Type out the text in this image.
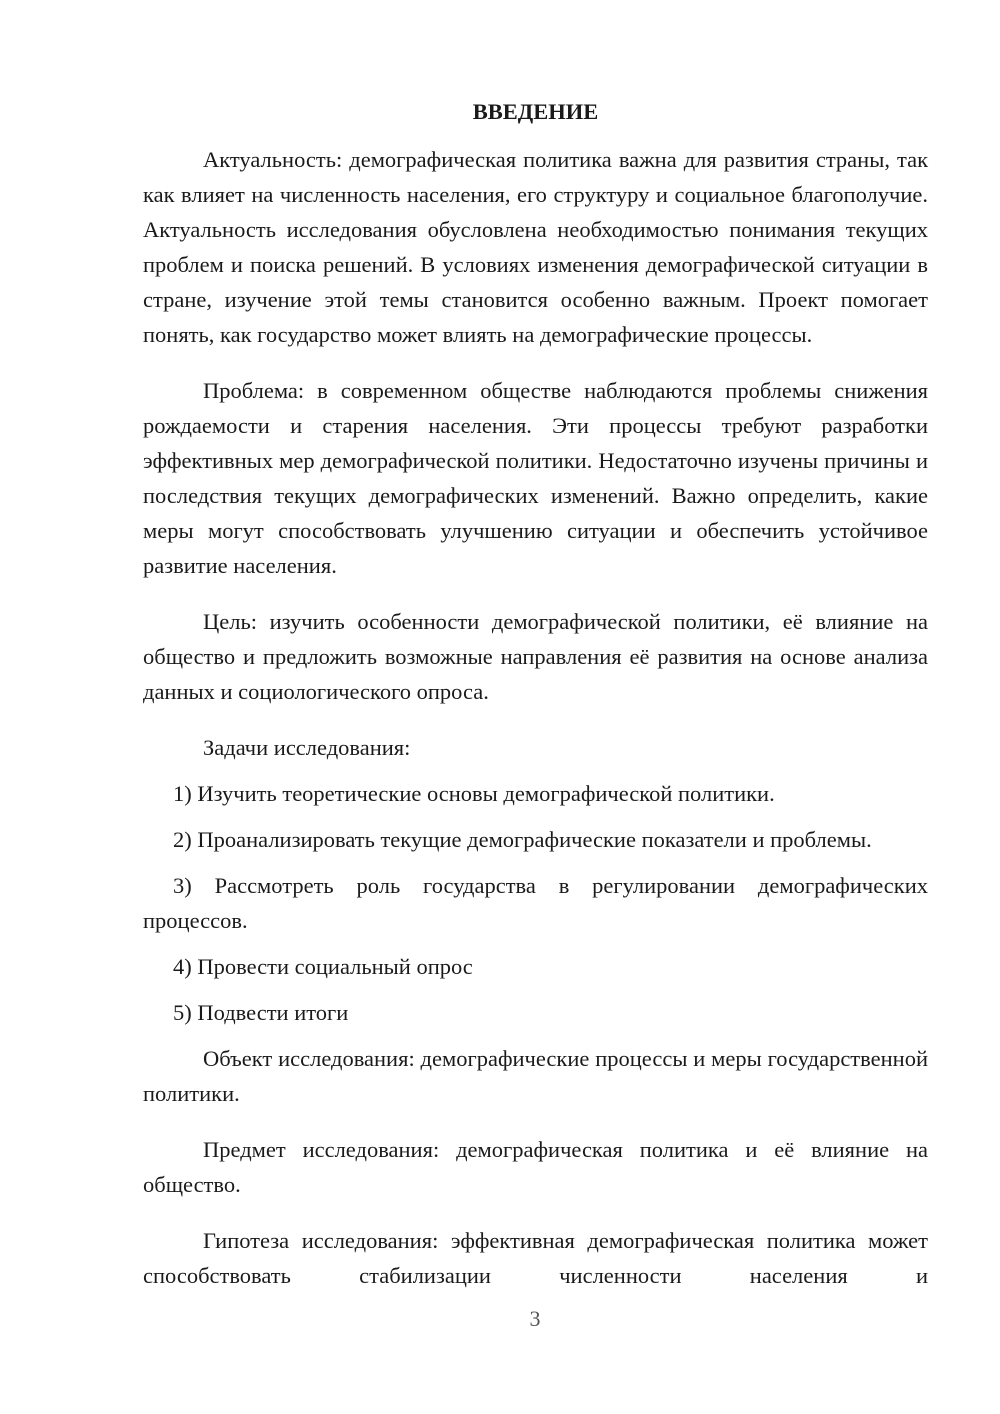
ВВЕДЕНИЕ

Актуальность: демографическая политика важна для развития страны, так как влияет на численность населения, его структуру и социальное благополучие. Актуальность исследования обусловлена необходимостью понимания текущих проблем и поиска решений. В условиях изменения демографической ситуации в стране, изучение этой темы становится особенно важным. Проект помогает понять, как государство может влиять на демографические процессы.

Проблема: в современном обществе наблюдаются проблемы снижения рождаемости и старения населения. Эти процессы требуют разработки эффективных мер демографической политики. Недостаточно изучены причины и последствия текущих демографических изменений. Важно определить, какие меры могут способствовать улучшению ситуации и обеспечить устойчивое развитие населения.

Цель: изучить особенности демографической политики, её влияние на общество и предложить возможные направления её развития на основе анализа данных и социологического опроса.

Задачи исследования:

1) Изучить теоретические основы демографической политики.

2) Проанализировать текущие демографические показатели и проблемы.

3) Рассмотреть роль государства в регулировании демографических процессов.

4) Провести социальный опрос

5) Подвести итоги

Объект исследования: демографические процессы и меры государственной политики.

Предмет исследования: демографическая политика и её влияние на общество.

Гипотеза исследования: эффективная демографическая политика может способствовать стабилизации численности населения и

3
